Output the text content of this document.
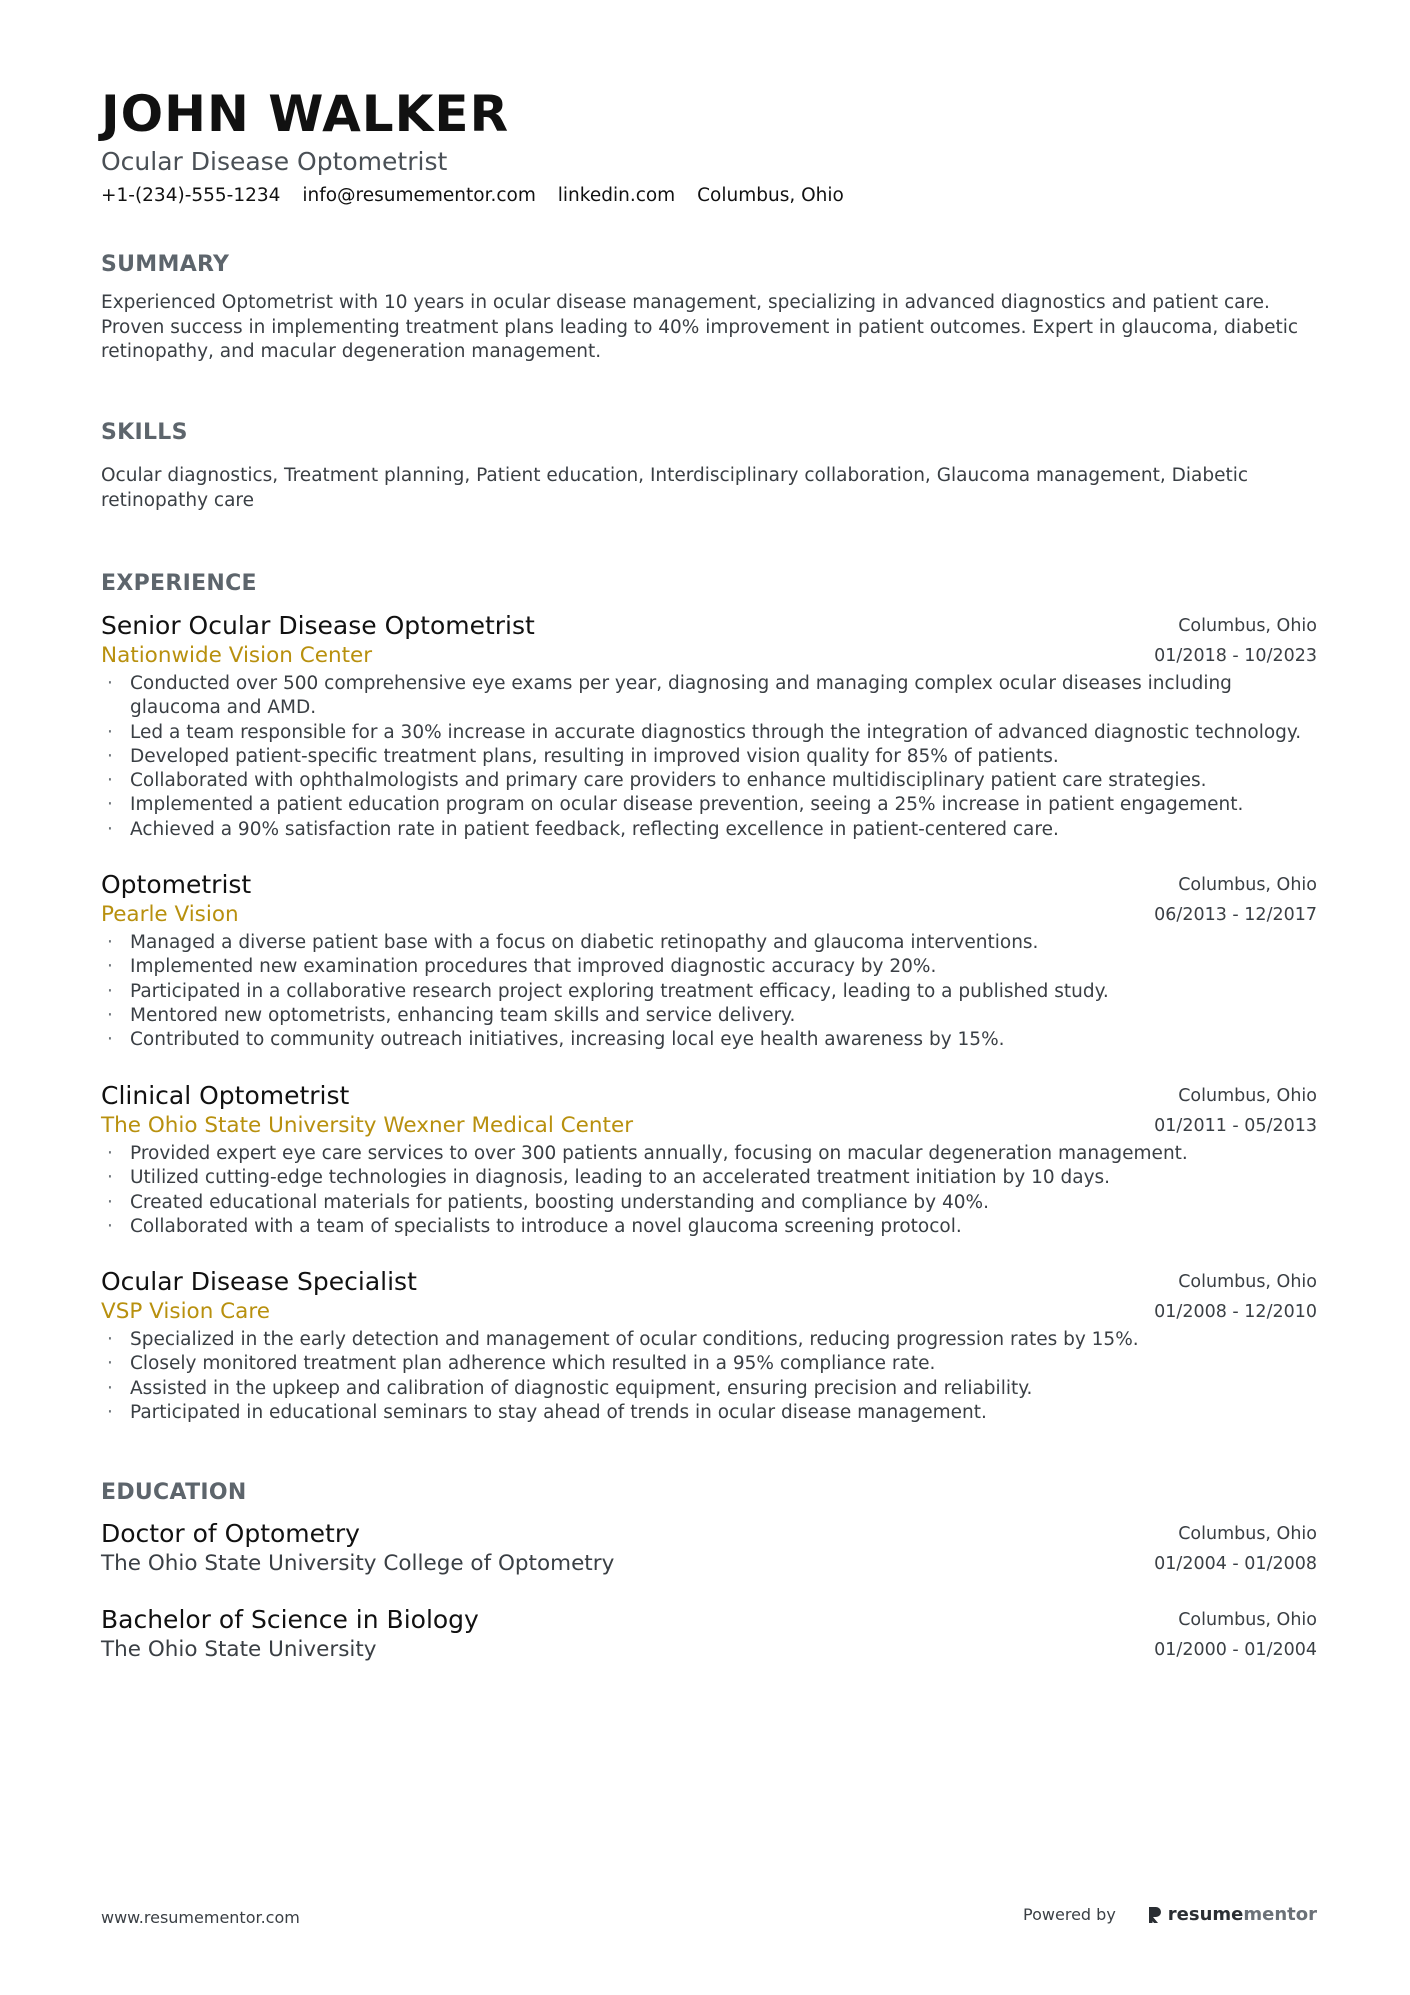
JOHN WALKER
Ocular Disease Optometrist
+1-(234)-555-1234 info@resumementor.com linkedin.com Columbus, Ohio
SUMMARY
Experienced Optometrist with 10 years in ocular disease management, specializing in advanced diagnostics and patient care. Proven success in implementing treatment plans leading to 40% improvement in patient outcomes. Expert in glaucoma, diabetic retinopathy, and macular degeneration management.
SKILLS
Ocular diagnostics, Treatment planning, Patient education, Interdisciplinary collaboration, Glaucoma management, Diabetic retinopathy care
EXPERIENCE
Senior Ocular Disease Optometrist
Nationwide Vision Center
Columbus, Ohio
01/2018 - 10/2023
· Conducted over 500 comprehensive eye exams per year, diagnosing and managing complex ocular diseases including glaucoma and AMD.
· Led a team responsible for a 30% increase in accurate diagnostics through the integration of advanced diagnostic technology.
· Developed patient-specific treatment plans, resulting in improved vision quality for 85% of patients.
· Collaborated with ophthalmologists and primary care providers to enhance multidisciplinary patient care strategies.
· Implemented a patient education program on ocular disease prevention, seeing a 25% increase in patient engagement.
· Achieved a 90% satisfaction rate in patient feedback, reflecting excellence in patient-centered care.
Optometrist
Pearle Vision
Columbus, Ohio
06/2013 - 12/2017
· Managed a diverse patient base with a focus on diabetic retinopathy and glaucoma interventions.
· Implemented new examination procedures that improved diagnostic accuracy by 20%.
· Participated in a collaborative research project exploring treatment efficacy, leading to a published study.
· Mentored new optometrists, enhancing team skills and service delivery.
· Contributed to community outreach initiatives, increasing local eye health awareness by 15%.
Clinical Optometrist
The Ohio State University Wexner Medical Center
Columbus, Ohio
01/2011 - 05/2013
· Provided expert eye care services to over 300 patients annually, focusing on macular degeneration management.
· Utilized cutting-edge technologies in diagnosis, leading to an accelerated treatment initiation by 10 days.
· Created educational materials for patients, boosting understanding and compliance by 40%.
· Collaborated with a team of specialists to introduce a novel glaucoma screening protocol.
Ocular Disease Specialist
VSP Vision Care
Columbus, Ohio
01/2008 - 12/2010
· Specialized in the early detection and management of ocular conditions, reducing progression rates by 15%.
· Closely monitored treatment plan adherence which resulted in a 95% compliance rate.
· Assisted in the upkeep and calibration of diagnostic equipment, ensuring precision and reliability.
· Participated in educational seminars to stay ahead of trends in ocular disease management.
EDUCATION
Doctor of Optometry
The Ohio State University College of Optometry
Columbus, Ohio
01/2004 - 01/2008
Bachelor of Science in Biology
The Ohio State University
Columbus, Ohio
01/2000 - 01/2004
www.resumementor.com	Powered by	resume mentor
